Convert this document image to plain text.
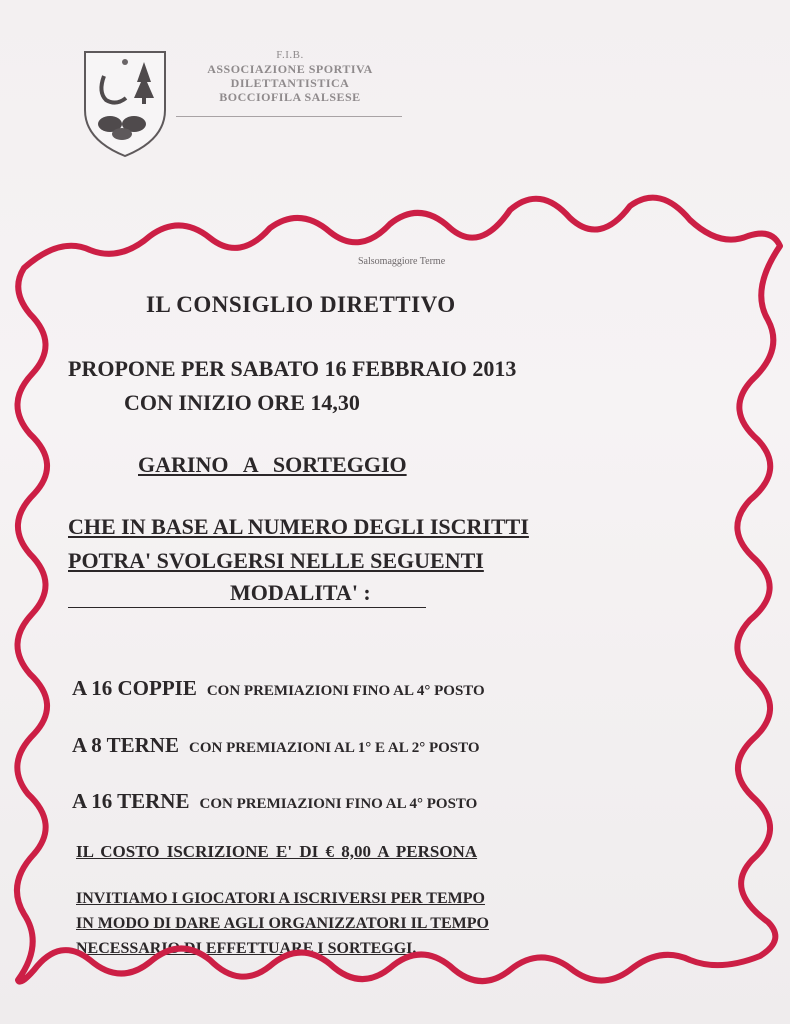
F.I.B.
ASSOCIAZIONE SPORTIVA
DILETTANTISTICA
BOCCIOFILA SALSESE
Salsomaggiore Terme
IL CONSIGLIO DIRETTIVO
PROPONE PER SABATO 16 FEBBRAIO 2013
CON INIZIO ORE 14,30
GARINO A SORTEGGIO
CHE IN BASE AL NUMERO DEGLI ISCRITTI
POTRA' SVOLGERSI NELLE SEGUENTI
MODALITA' :
A 16 COPPIE CON PREMIAZIONI FINO AL 4° POSTO
A 8 TERNE CON PREMIAZIONI AL 1° E AL 2° POSTO
A 16 TERNE CON PREMIAZIONI FINO AL 4° POSTO
IL COSTO ISCRIZIONE E' DI € 8,00 A PERSONA
INVITIAMO I GIOCATORI A ISCRIVERSI PER TEMPO
IN MODO DI DARE AGLI ORGANIZZATORI IL TEMPO
NECESSARIO DI EFFETTUARE I SORTEGGI.
